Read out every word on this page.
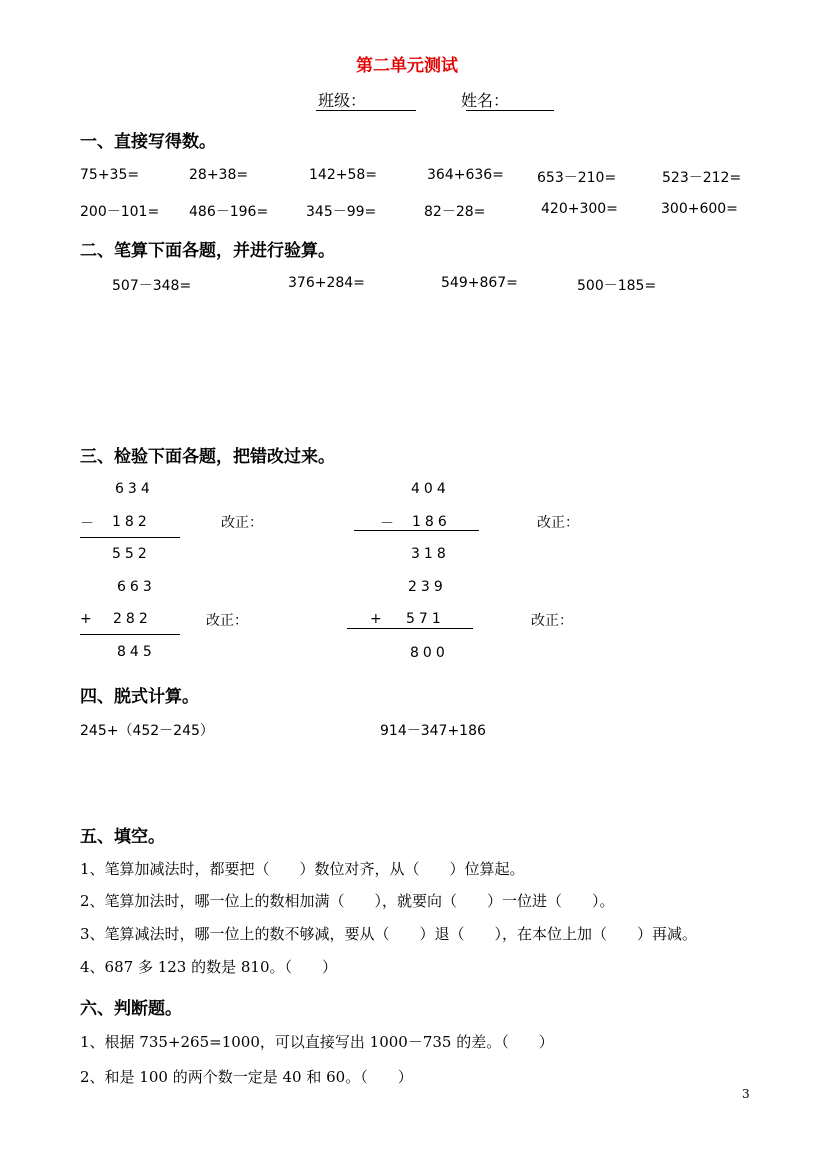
第二单元测试
班级：	姓名：
一、直接写得数。
75+35=	28+38=	142+58=	364+636= 653－210=	523－212=
200－101= 486－196=	345－99=	82－28=	420+300=	300+600=
二、笔算下面各题，并进行验算。
507－348=	376+284=	549+867=	500－185=
三、检验下面各题，把错改过来。
634
－ 182
552
改正：
404
－ 186
318
改正：
663
+ 282
845
改正：
239
+ 571
800
改正：
四、脱式计算。
245+（452－245）	914－347+186
五、填空。
1、笔算加减法时，都要把（　　）数位对齐，从（　　）位算起。
2、笔算加法时，哪一位上的数相加满（　　），就要向（　　）一位进（　　）。
3、笔算减法时，哪一位上的数不够减，要从（　　）退（　　），在本位上加（　　）再减。
4、687 多 123 的数是 810。（　　）
六、判断题。
1、根据 735+265=1000，可以直接写出 1000－735 的差。（　　）
2、和是 100 的两个数一定是 40 和 60。（　　）
3
